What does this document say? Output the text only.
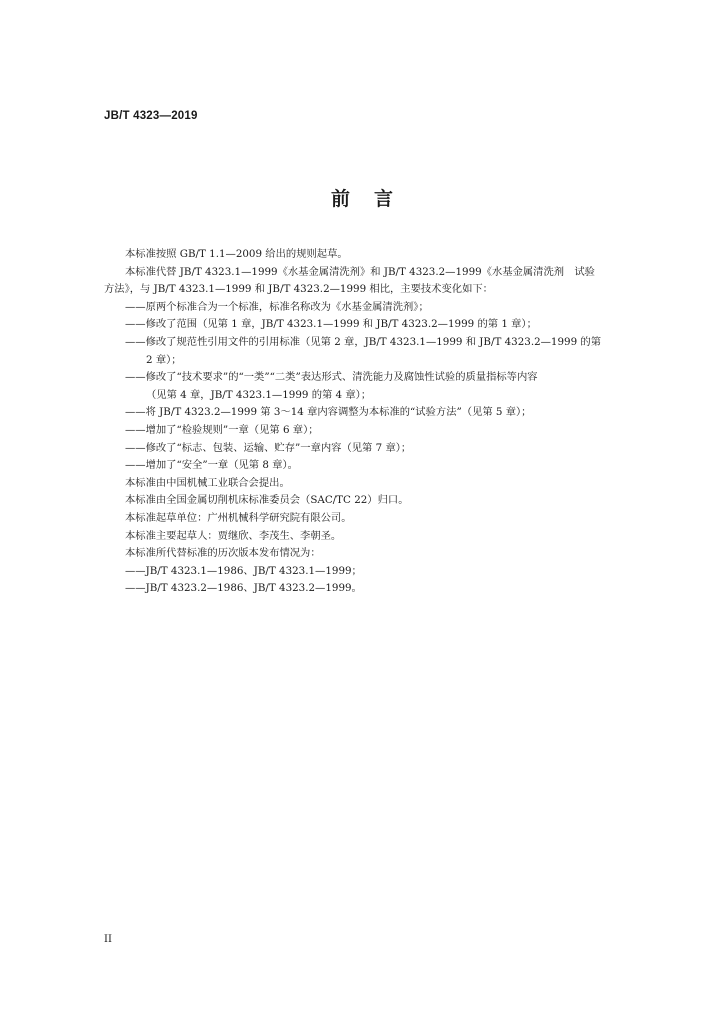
JB/T 4323—2019
前言
本标准按照 GB/T 1.1—2009 给出的规则起草。
本标准代替 JB/T 4323.1—1999《水基金属清洗剂》和 JB/T 4323.2—1999《水基金属清洗剂　试验
方法》，与 JB/T 4323.1—1999 和 JB/T 4323.2—1999 相比，主要技术变化如下：
——原两个标准合为一个标准，标准名称改为《水基金属清洗剂》；
——修改了范围（见第 1 章，JB/T 4323.1—1999 和 JB/T 4323.2—1999 的第 1 章）；
——修改了规范性引用文件的引用标准（见第 2 章，JB/T 4323.1—1999 和 JB/T 4323.2—1999 的第
2 章）；
——修改了“技术要求”的“一类”“二类”表达形式、清洗能力及腐蚀性试验的质量指标等内容
（见第 4 章，JB/T 4323.1—1999 的第 4 章）；
——将 JB/T 4323.2—1999 第 3～14 章内容调整为本标准的“试验方法”（见第 5 章）；
——增加了“检验规则”一章（见第 6 章）；
——修改了“标志、包装、运输、贮存”一章内容（见第 7 章）；
——增加了“安全”一章（见第 8 章）。
本标准由中国机械工业联合会提出。
本标准由全国金属切削机床标准委员会（SAC/TC 22）归口。
本标准起草单位：广州机械科学研究院有限公司。
本标准主要起草人：贾继欣、李茂生、李朝圣。
本标准所代替标准的历次版本发布情况为：
——JB/T 4323.1—1986、JB/T 4323.1—1999；
——JB/T 4323.2—1986、JB/T 4323.2—1999。
II
